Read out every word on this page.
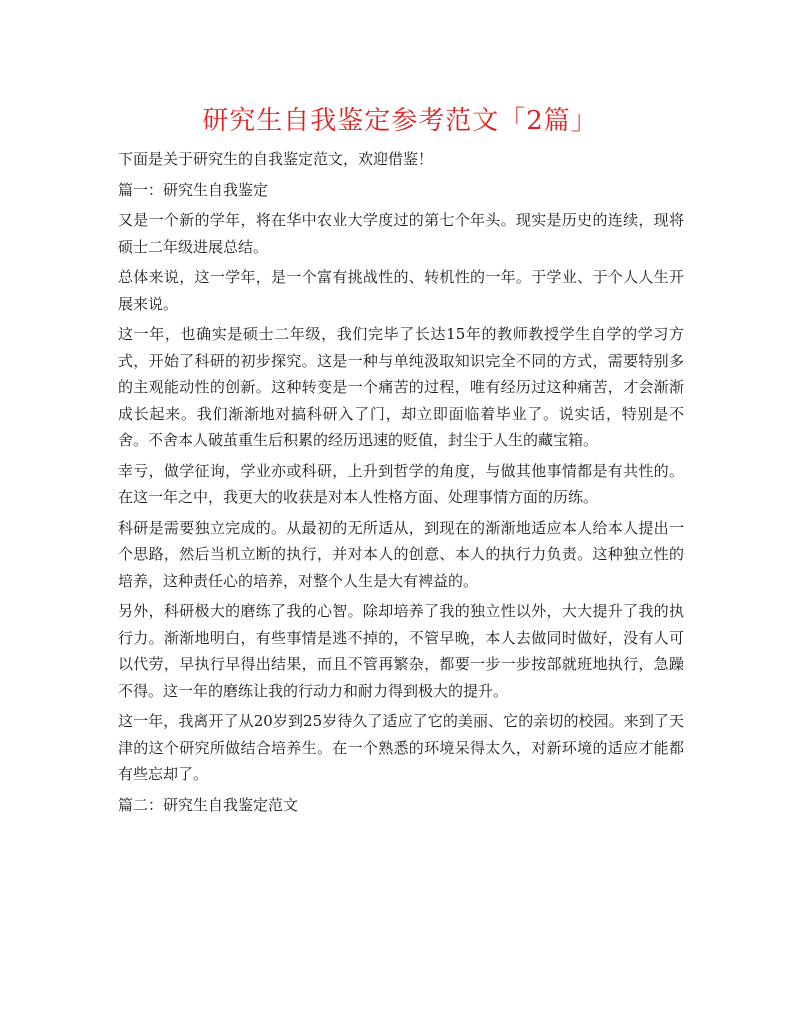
研究生自我鉴定参考范文「2篇」

下面是关于研究生的自我鉴定范文，欢迎借鉴！

篇一：研究生自我鉴定

又是一个新的学年，将在华中农业大学度过的第七个年头。现实是历史的连续，现将硕士二年级进展总结。

总体来说，这一学年，是一个富有挑战性的、转机性的一年。于学业、于个人人生开展来说。

这一年，也确实是硕士二年级，我们完毕了长达15年的教师教授学生自学的学习方式，开始了科研的初步探究。这是一种与单纯汲取知识完全不同的方式，需要特别多的主观能动性的创新。这种转变是一个痛苦的过程，唯有经历过这种痛苦，才会渐渐成长起来。我们渐渐地对搞科研入了门，却立即面临着毕业了。说实话，特别是不舍。不舍本人破茧重生后积累的经历迅速的贬值，封尘于人生的藏宝箱。

幸亏，做学征询，学业亦或科研，上升到哲学的角度，与做其他事情都是有共性的。在这一年之中，我更大的收获是对本人性格方面、处理事情方面的历练。

科研是需要独立完成的。从最初的无所适从，到现在的渐渐地适应本人给本人提出一个思路，然后当机立断的执行，并对本人的创意、本人的执行力负责。这种独立性的培养，这种责任心的培养，对整个人生是大有裨益的。

另外，科研极大的磨练了我的心智。除却培养了我的独立性以外，大大提升了我的执行力。渐渐地明白，有些事情是逃不掉的，不管早晚，本人去做同时做好，没有人可以代劳，早执行早得出结果，而且不管再繁杂，都要一步一步按部就班地执行，急躁不得。这一年的磨练让我的行动力和耐力得到极大的提升。

这一年，我离开了从20岁到25岁待久了适应了它的美丽、它的亲切的校园。来到了天津的这个研究所做结合培养生。在一个熟悉的环境呆得太久，对新环境的适应才能都有些忘却了。

篇二：研究生自我鉴定范文
